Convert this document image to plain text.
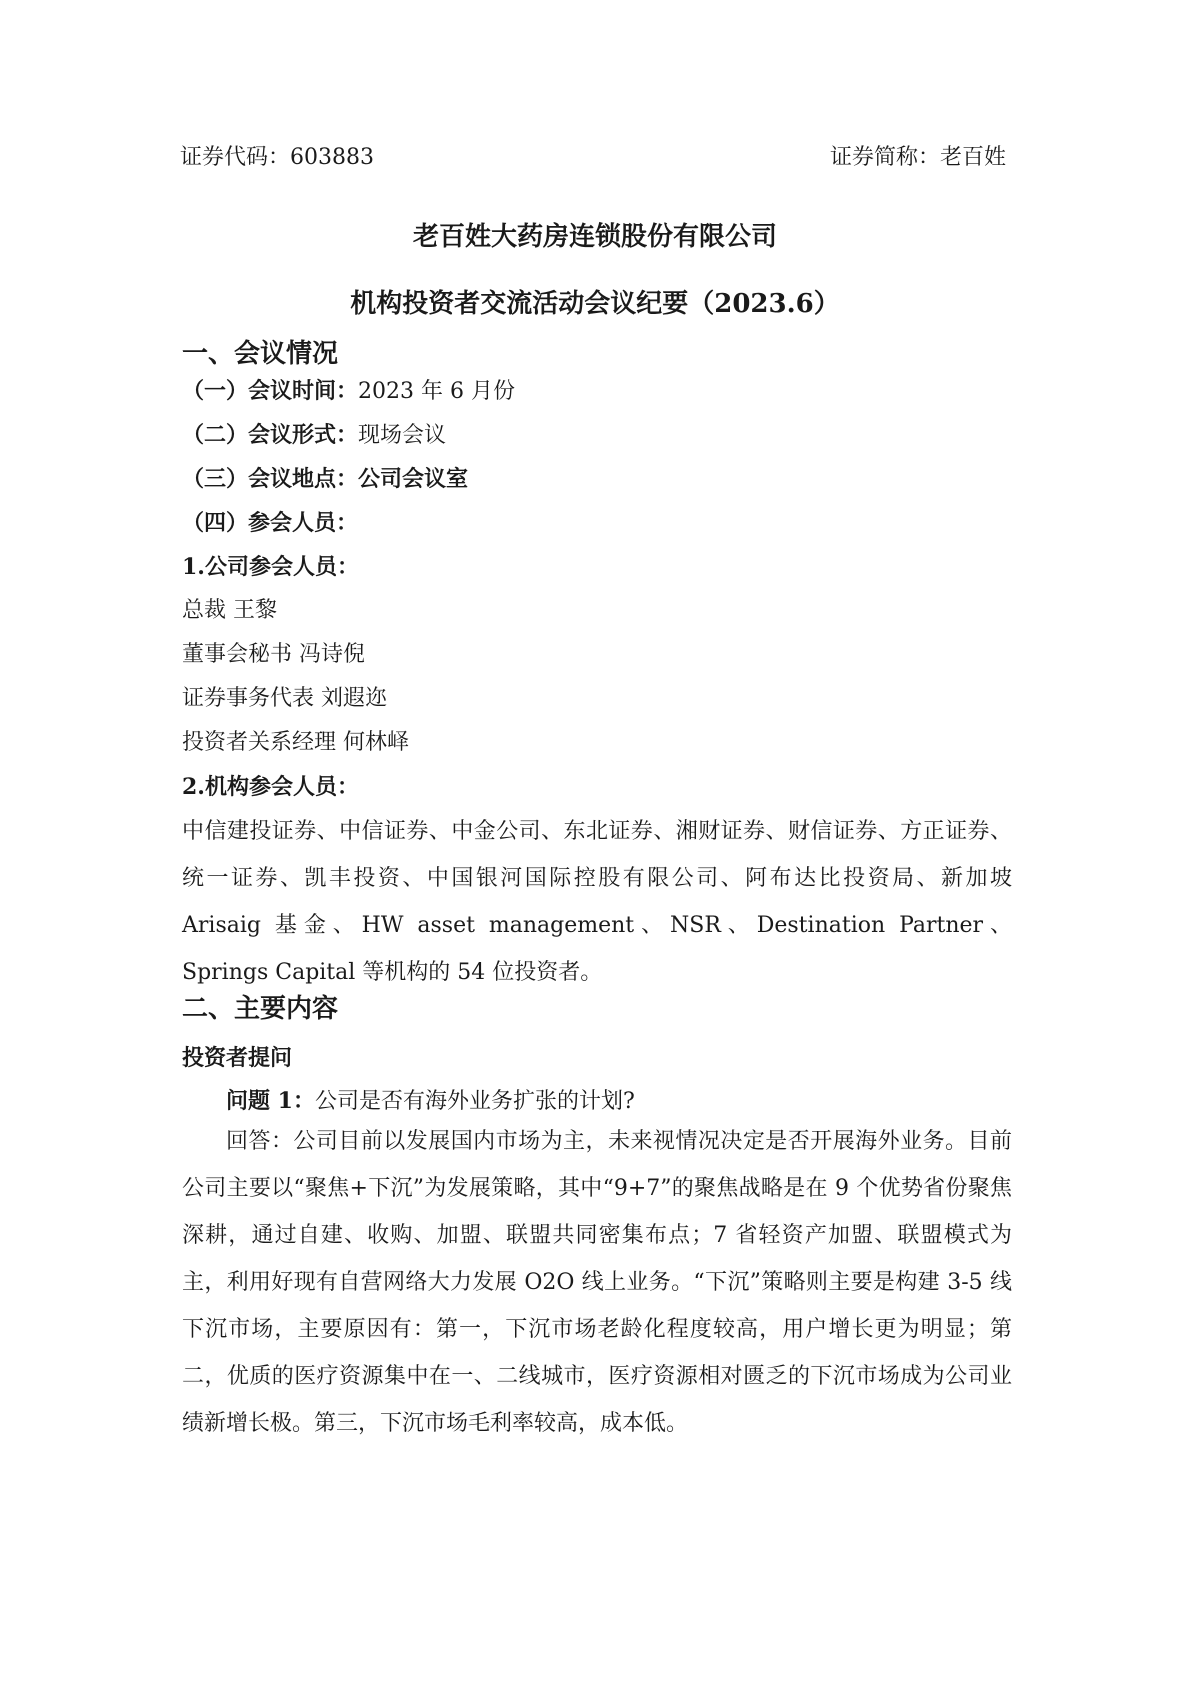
证券代码：603883	证券简称：老百姓
老百姓大药房连锁股份有限公司
机构投资者交流活动会议纪要（2023.6）
一、会议情况
（一）会议时间：2023 年 6 月份
（二）会议形式：现场会议
（三）会议地点：公司会议室
（四）参会人员：
1.公司参会人员：
总裁 王黎
董事会秘书 冯诗倪
证券事务代表 刘遐迩
投资者关系经理 何林峄
2.机构参会人员：
中信建投证券、中信证券、中金公司、东北证券、湘财证券、财信证券、方正证券、统一证券、凯丰投资、中国银河国际控股有限公司、阿布达比投资局、新加坡 Arisaig 基金、HW asset management、NSR、Destination Partner、Springs Capital 等机构的 54 位投资者。
二、主要内容
投资者提问
问题 1：公司是否有海外业务扩张的计划?
回答：公司目前以发展国内市场为主，未来视情况决定是否开展海外业务。目前公司主要以“聚焦+下沉”为发展策略，其中“9+7”的聚焦战略是在 9 个优势省份聚焦深耕，通过自建、收购、加盟、联盟共同密集布点；7 省轻资产加盟、联盟模式为主，利用好现有自营网络大力发展 O2O 线上业务。“下沉”策略则主要是构建 3-5 线下沉市场，主要原因有：第一，下沉市场老龄化程度较高，用户增长更为明显；第二，优质的医疗资源集中在一、二线城市，医疗资源相对匮乏的下沉市场成为公司业绩新增长极。第三，下沉市场毛利率较高，成本低。
